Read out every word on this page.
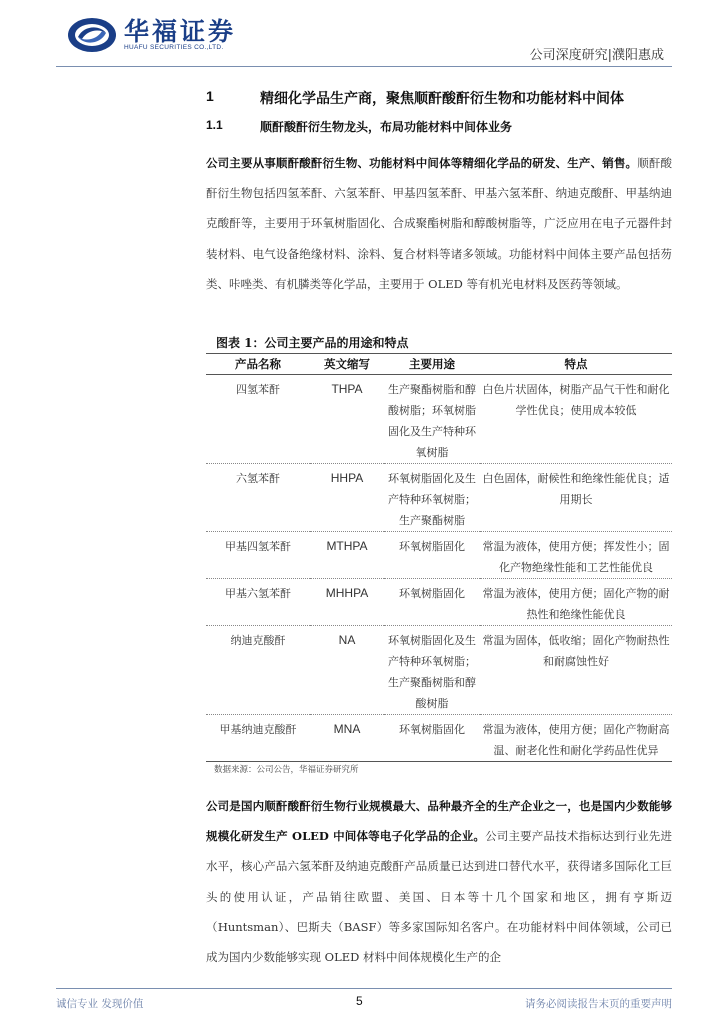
华福证券
HUAFU SECURITIES CO.,LTD.
公司深度研究|濮阳惠成
1	精细化学品生产商，聚焦顺酐酸酐衍生物和功能材料中间体
1.1	顺酐酸酐衍生物龙头，布局功能材料中间体业务
公司主要从事顺酐酸酐衍生物、功能材料中间体等精细化学品的研发、生产、销售。顺酐酸酐衍生物包括四氢苯酐、六氢苯酐、甲基四氢苯酐、甲基六氢苯酐、纳迪克酸酐、甲基纳迪克酸酐等，主要用于环氧树脂固化、合成聚酯树脂和醇酸树脂等，广泛应用在电子元器件封装材料、电气设备绝缘材料、涂料、复合材料等诸多领域。功能材料中间体主要产品包括芴类、咔唑类、有机膦类等化学品，主要用于 OLED 等有机光电材料及医药等领域。
图表 1：公司主要产品的用途和特点
产品名称	英文缩写	主要用途	特点
四氢苯酐	THPA	生产聚酯树脂和醇酸树脂；环氧树脂固化及生产特种环氧树脂	白色片状固体，树脂产品气干性和耐化学性优良；使用成本较低
六氢苯酐	HHPA	环氧树脂固化及生产特种环氧树脂；生产聚酯树脂	白色固体，耐候性和绝缘性能优良；适用期长
甲基四氢苯酐	MTHPA	环氧树脂固化	常温为液体，使用方便；挥发性小；固化产物绝缘性能和工艺性能优良
甲基六氢苯酐	MHHPA	环氧树脂固化	常温为液体，使用方便；固化产物的耐热性和绝缘性能优良
纳迪克酸酐	NA	环氧树脂固化及生产特种环氧树脂；生产聚酯树脂和醇酸树脂	常温为固体，低收缩；固化产物耐热性和耐腐蚀性好
甲基纳迪克酸酐	MNA	环氧树脂固化	常温为液体，使用方便；固化产物耐高温、耐老化性和耐化学药品性优异
数据来源：公司公告，华福证券研究所
公司是国内顺酐酸酐衍生物行业规模最大、品种最齐全的生产企业之一，也是国内少数能够规模化研发生产 OLED 中间体等电子化学品的企业。公司主要产品技术指标达到行业先进水平，核心产品六氢苯酐及纳迪克酸酐产品质量已达到进口替代水平，获得诸多国际化工巨头的使用认证，产品销往欧盟、美国、日本等十几个国家和地区，拥有亨斯迈（Huntsman）、巴斯夫（BASF）等多家国际知名客户。在功能材料中间体领域，公司已成为国内少数能够实现 OLED 材料中间体规模化生产的企
诚信专业 发现价值	5	请务必阅读报告末页的重要声明
